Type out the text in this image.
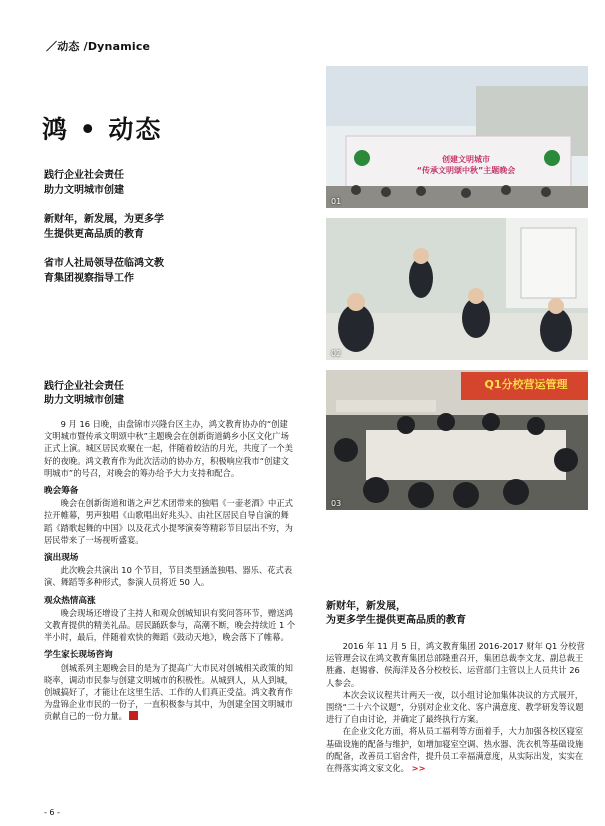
／动态 /Dynamice
鸿 • 动态
践行企业社会责任
助力文明城市创建
新财年，新发展，为更多学
生提供更高品质的教育
省市人社局领导莅临鸿文教
育集团视察指导工作
创建文明城市
“传承文明颂中秋”主题晚会
01
02
Q1分校营运管理
03
践行企业社会责任
助力文明城市创建

9 月 16 日晚，由盘锦市兴隆台区主办，鸿文教育协办的“创建文明城市暨传承文明颂中秋”主题晚会在创新街道鹤乡小区文化广场正式上演。城区居民欢聚在一起，伴随着皎洁的月光，共度了一个美好的夜晚。鸿文教育作为此次活动的协办方，积极响应我市“创建文明城市”的号召，对晚会的筹办给予大力支持和配合。

晚会筹备

晚会在创新街道和谐之声艺术团带来的独唱《一壶老酒》中正式拉开帷幕，男声独唱《山歌唱出好兆头》、由社区居民自导自演的舞蹈《踏歌起舞的中国》以及花式小提琴演奏等精彩节目层出不穷，为居民带来了一场视听盛宴。

演出现场

此次晚会共演出 10 个节目，节目类型涵盖独唱、器乐、花式表演、舞蹈等多种形式，参演人员将近 50 人。

观众热情高涨

晚会现场还增设了主持人和观众创城知识有奖问答环节，赠送鸿文教育提供的精美礼品。居民踊跃参与，高潮不断，晚会持续近 1 个半小时，最后，伴随着欢快的舞蹈《鼓动天地》，晚会落下了帷幕。

学生家长现场咨询

创城系列主题晚会目的是为了提高广大市民对创城相关政策的知晓率，调动市民参与创建文明城市的积极性。从城到人，从人到城，创城搞好了，才能让在这里生活、工作的人们真正受益。鸿文教育作为盘锦企业市民的一份子，一直积极参与其中，为创建全国文明城市贡献自己的一份力量。

新财年，新发展，
为更多学生提供更高品质的教育

2016 年 11 月 5 日，鸿文教育集团 2016-2017 财年 Q1 分校营运管理会议在鸿文教育集团总部隆重召开，集团总裁李文龙、副总裁王胜鑫、赵锡睿、侯海洋及各分校校长、运营部门主管以上人员共计 26 人参会。

本次会议议程共计两天一夜，以小组讨论加集体决议的方式展开，围绕“二十六个议题”，分别对企业文化、客户满意度、教学研发等议题进行了自由讨论，并确定了最终执行方案。

在企业文化方面，将从员工福利等方面着手，大力加强各校区寝室基础设施的配备与维护，如增加寝室空调、热水器、洗衣机等基础设施的配备，改善员工宿舍件，提升员工幸福满意度，从实际出发，实实在在得落实鸿文家文化。 >>

- 6 -
